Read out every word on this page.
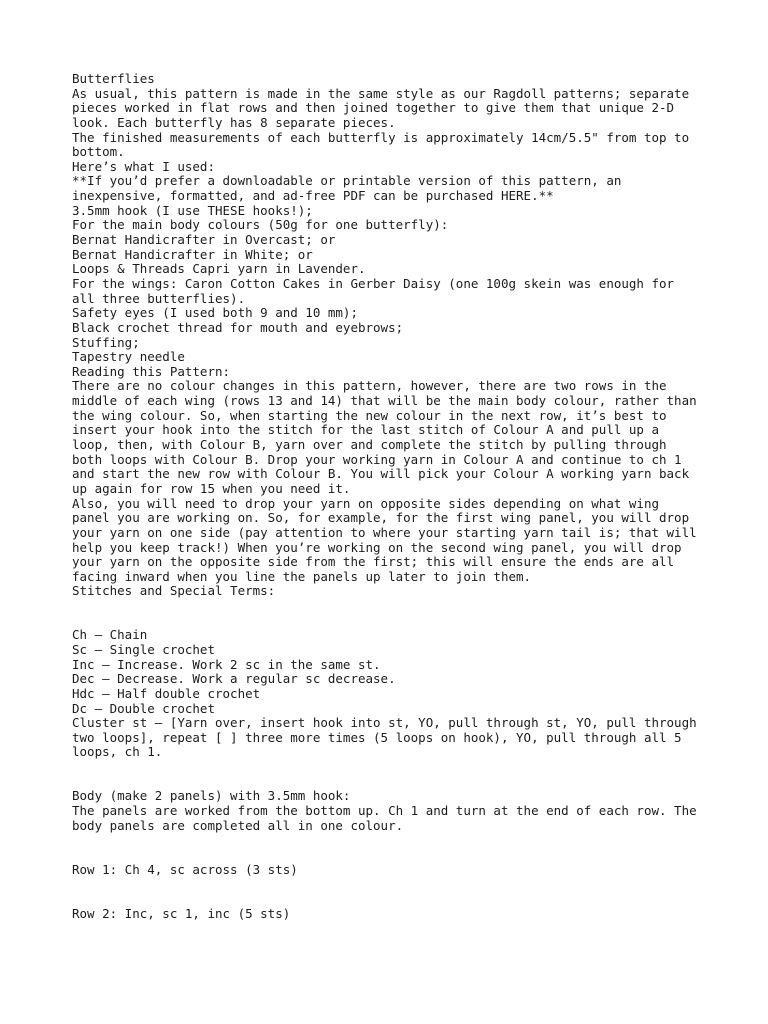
Butterflies
As usual, this pattern is made in the same style as our Ragdoll patterns; separate
pieces worked in flat rows and then joined together to give them that unique 2-D
look. Each butterfly has 8 separate pieces.
The finished measurements of each butterfly is approximately 14cm/5.5" from top to
bottom.
Here’s what I used:
**If you’d prefer a downloadable or printable version of this pattern, an
inexpensive, formatted, and ad-free PDF can be purchased HERE.**
3.5mm hook (I use THESE hooks!);
For the main body colours (50g for one butterfly):
Bernat Handicrafter in Overcast; or
Bernat Handicrafter in White; or
Loops & Threads Capri yarn in Lavender.
For the wings: Caron Cotton Cakes in Gerber Daisy (one 100g skein was enough for
all three butterflies).
Safety eyes (I used both 9 and 10 mm);
Black crochet thread for mouth and eyebrows;
Stuffing;
Tapestry needle
Reading this Pattern:
There are no colour changes in this pattern, however, there are two rows in the
middle of each wing (rows 13 and 14) that will be the main body colour, rather than
the wing colour. So, when starting the new colour in the next row, it’s best to
insert your hook into the stitch for the last stitch of Colour A and pull up a
loop, then, with Colour B, yarn over and complete the stitch by pulling through
both loops with Colour B. Drop your working yarn in Colour A and continue to ch 1
and start the new row with Colour B. You will pick your Colour A working yarn back
up again for row 15 when you need it.
Also, you will need to drop your yarn on opposite sides depending on what wing
panel you are working on. So, for example, for the first wing panel, you will drop
your yarn on one side (pay attention to where your starting yarn tail is; that will
help you keep track!) When you’re working on the second wing panel, you will drop
your yarn on the opposite side from the first; this will ensure the ends are all
facing inward when you line the panels up later to join them.
Stitches and Special Terms:
Ch – Chain
Sc – Single crochet
Inc – Increase. Work 2 sc in the same st.
Dec – Decrease. Work a regular sc decrease.
Hdc – Half double crochet
Dc – Double crochet
Cluster st – [Yarn over, insert hook into st, YO, pull through st, YO, pull through
two loops], repeat [ ] three more times (5 loops on hook), YO, pull through all 5
loops, ch 1.
Body (make 2 panels) with 3.5mm hook:
The panels are worked from the bottom up. Ch 1 and turn at the end of each row. The
body panels are completed all in one colour.
Row 1: Ch 4, sc across (3 sts)
Row 2: Inc, sc 1, inc (5 sts)
